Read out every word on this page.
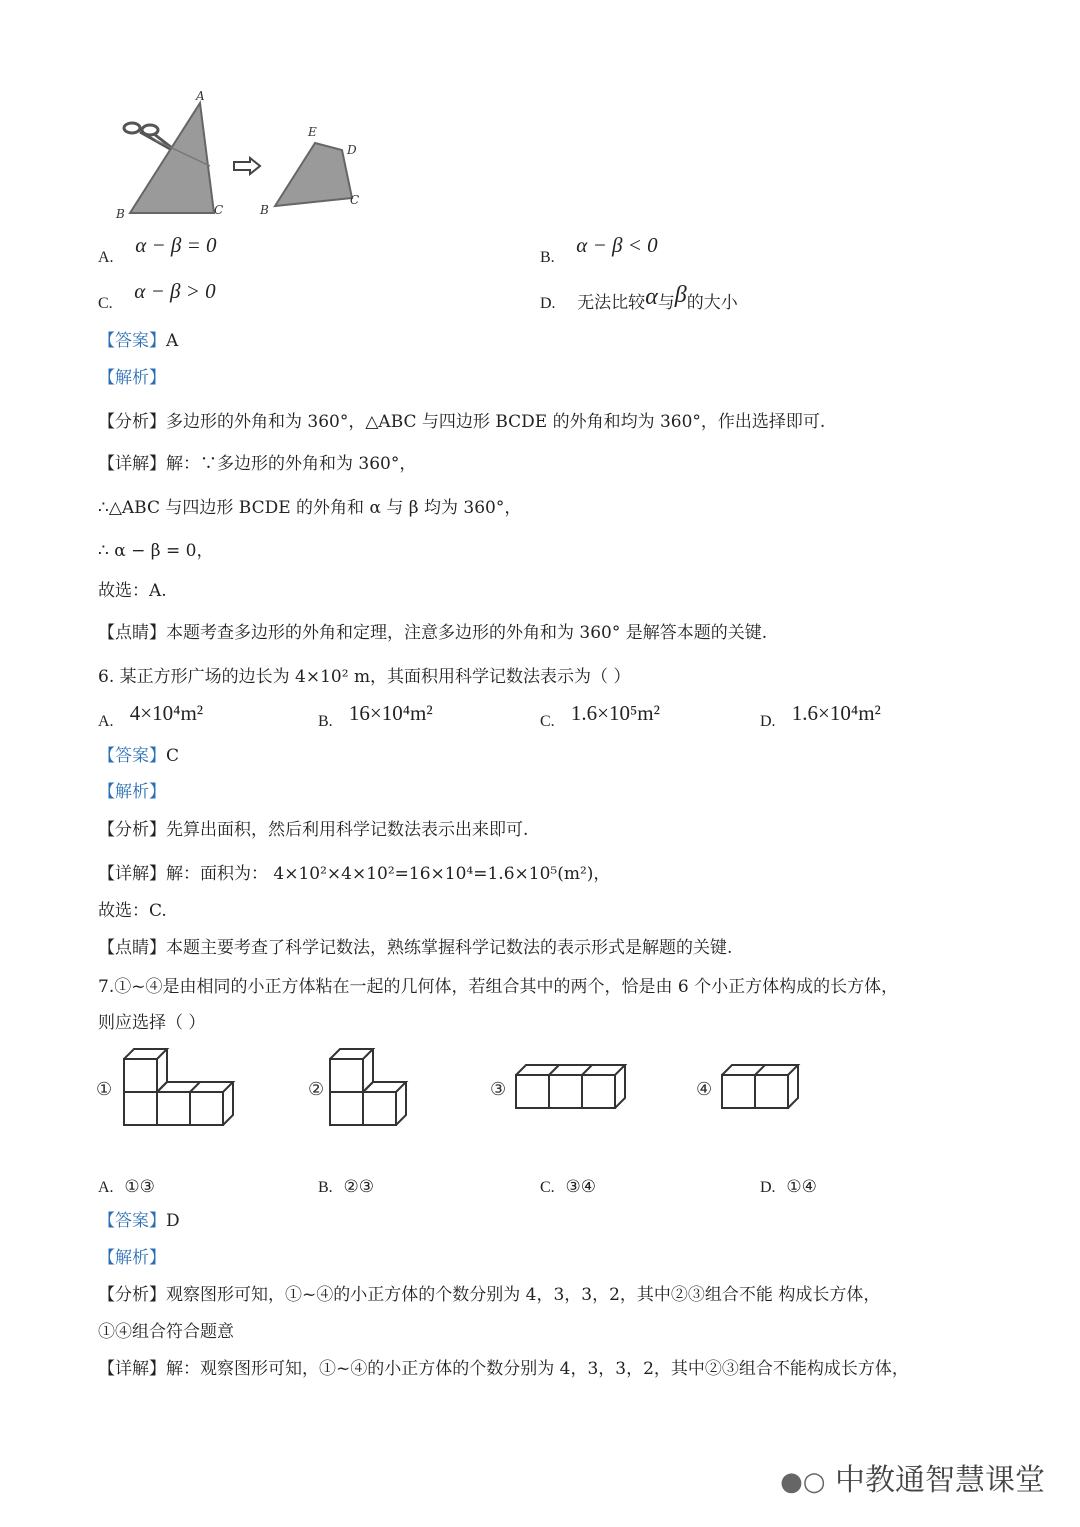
A
B	C
E
D
B
C
A.    α − β = 0
B.    α − β < 0
C.    α − β > 0
D. 无法比较α与β的大小
【答案】A
【解析】
【分析】多边形的外角和为 360°，△ABC 与四边形 BCDE 的外角和均为 360°，作出选择即可.
【详解】解：∵多边形的外角和为 360°，
∴△ABC 与四边形 BCDE 的外角和 α 与 β 均为 360°，
∴ α − β = 0，
故选：A.
【点睛】本题考查多边形的外角和定理，注意多边形的外角和为 360° 是解答本题的关键.
6. 某正方形广场的边长为 4×10² m，其面积用科学记数法表示为（ ）
A. 4×10⁴m²	B. 16×10⁴m²	C. 1.6×10⁵m²	D. 1.6×10⁴m²
【答案】C
【解析】
【分析】先算出面积，然后利用科学记数法表示出来即可.
【详解】解：面积为： 4×10²×4×10²=16×10⁴=1.6×10⁵(m²)，
故选：C.
【点睛】本题主要考查了科学记数法，熟练掌握科学记数法的表示形式是解题的关键.
7.①~④是由相同的小正方体粘在一起的几何体，若组合其中的两个，恰是由 6 个小正方体构成的长方体，
则应选择（ ）
①	②	③	④
A. ①③	B. ②③	C. ③④	D. ①④
【答案】D
【解析】
【分析】观察图形可知，①~④的小正方体的个数分别为 4，3，3，2，其中②③组合不能 构成长方体，
①④组合符合题意
【详解】解：观察图形可知，①~④的小正方体的个数分别为 4，3，3，2，其中②③组合不能构成长方体，
●○ 中教通智慧课堂
